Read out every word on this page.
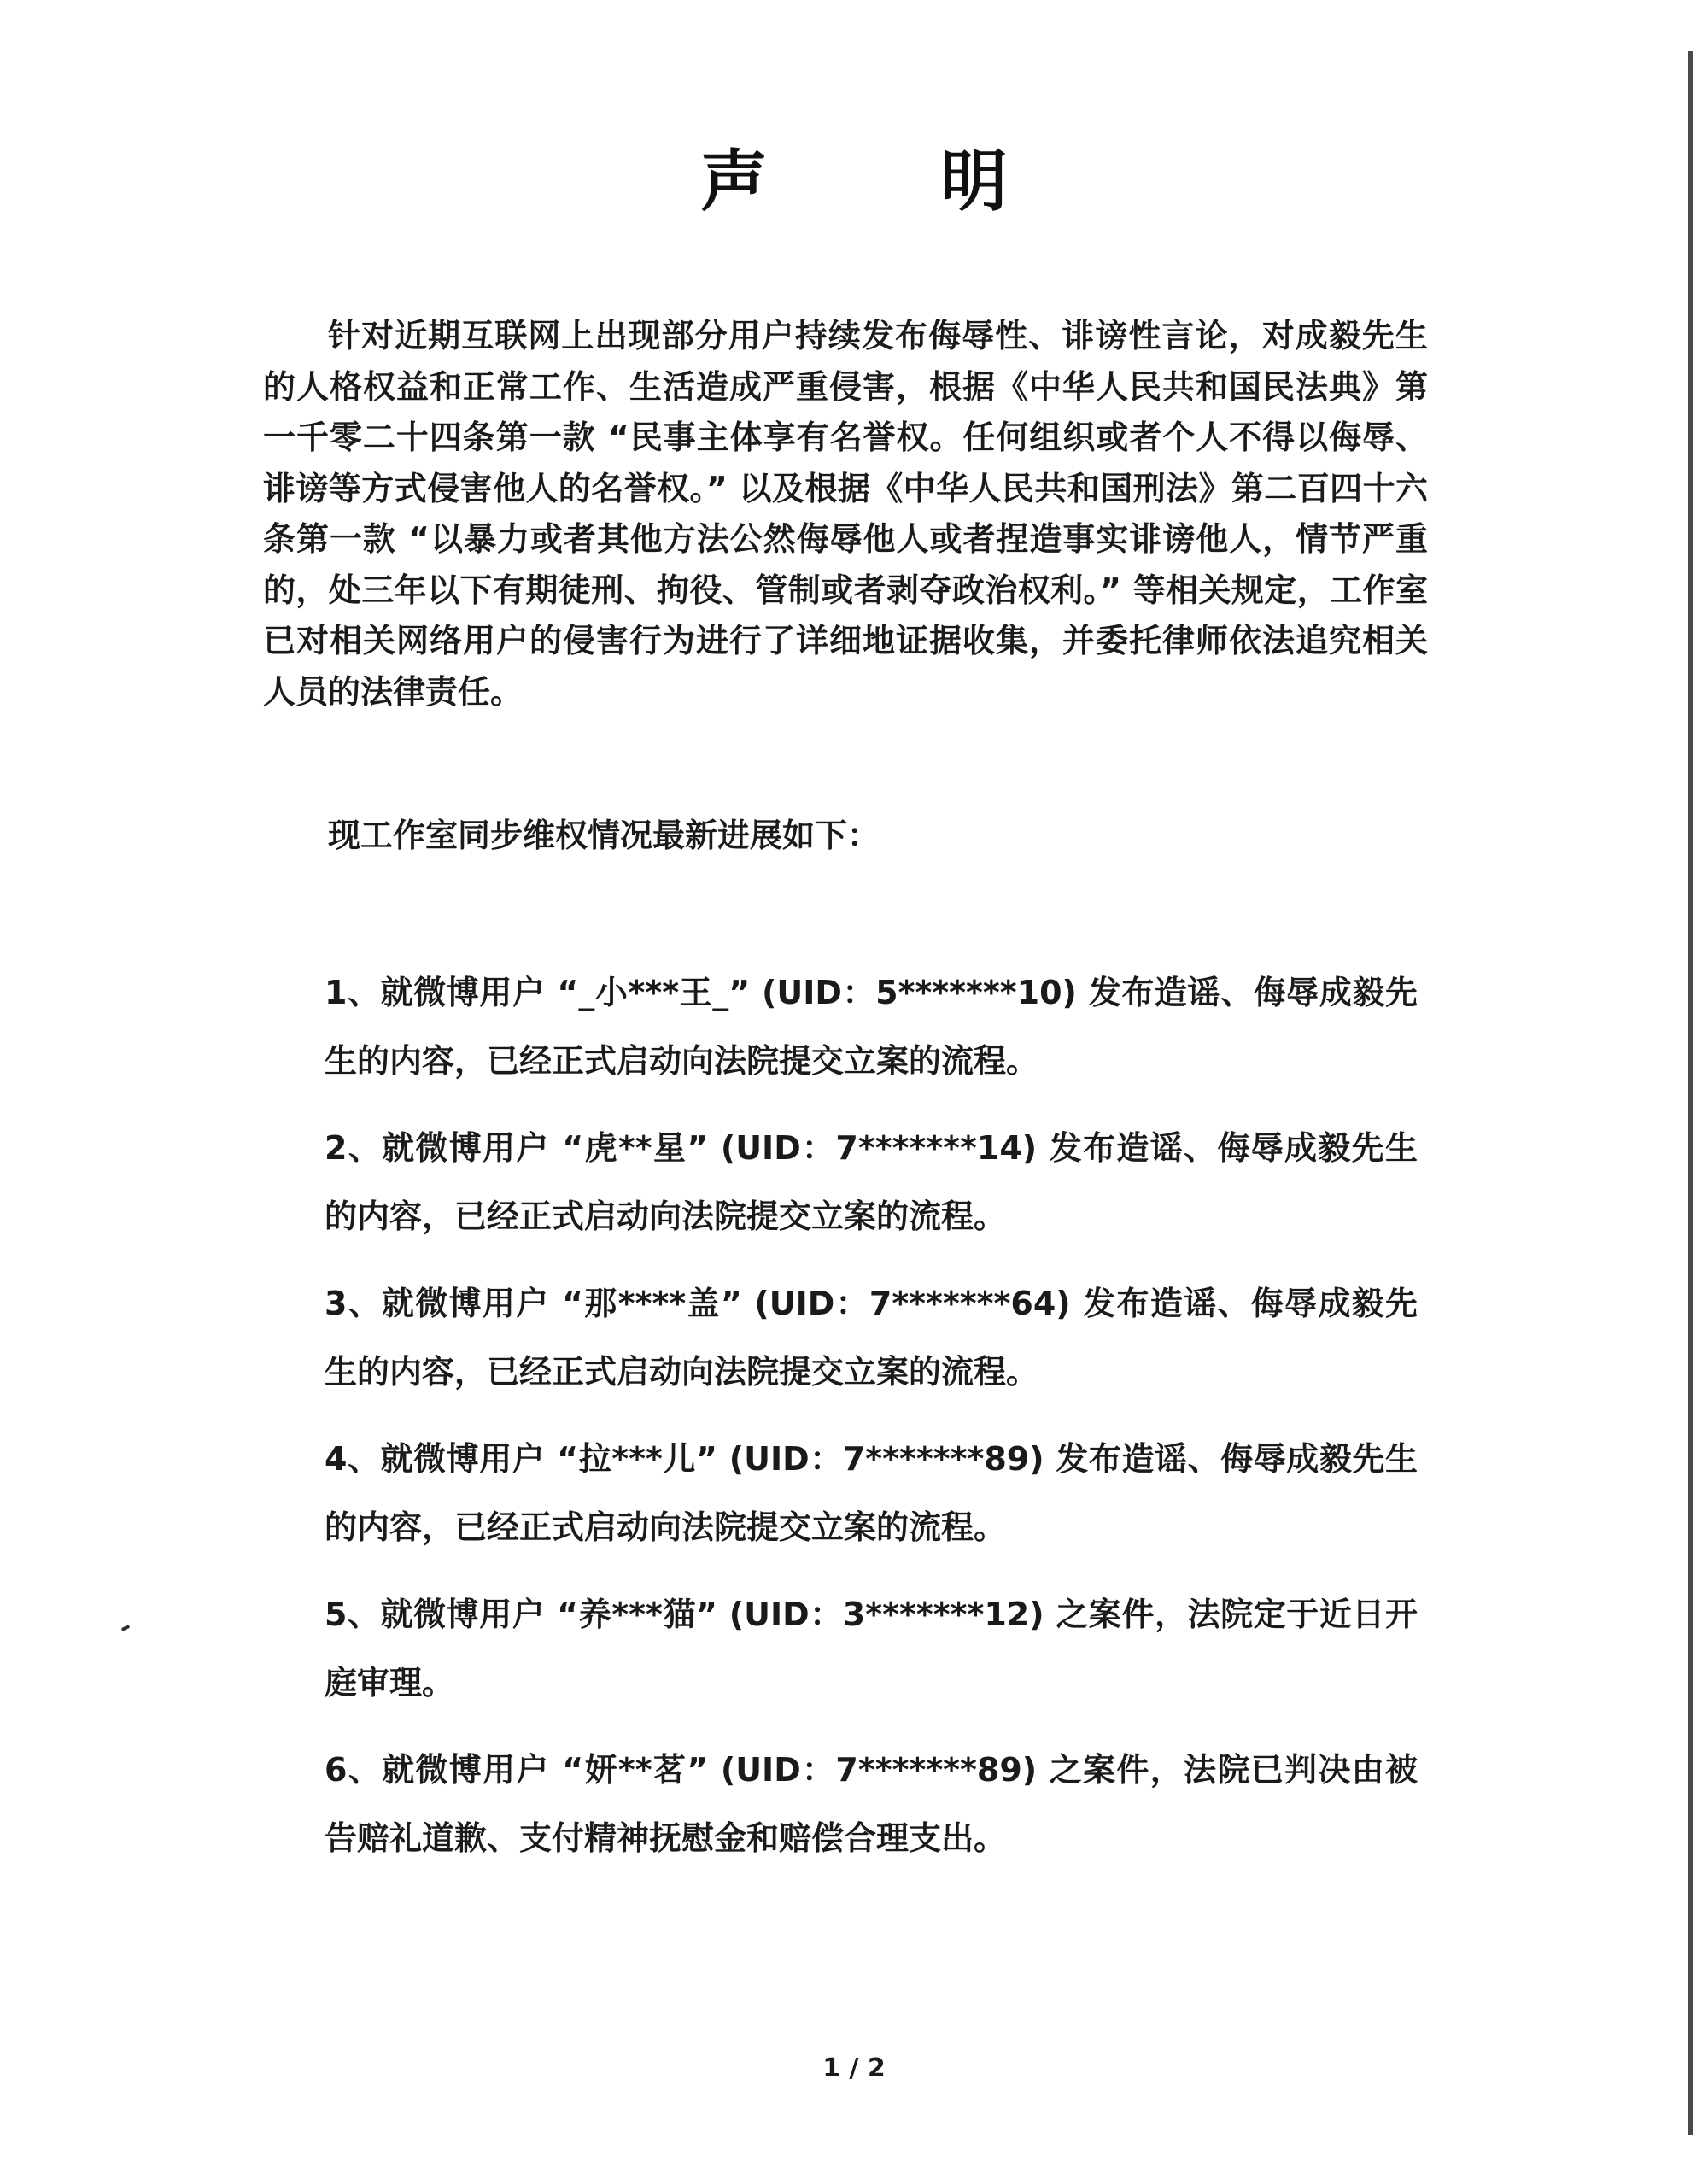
声 明
针对近期互联网上出现部分用户持续发布侮辱性、诽谤性言论，对成毅先生的人格权益和正常工作、生活造成严重侵害，根据《中华人民共和国民法典》第一千零二十四条第一款 “民事主体享有名誉权。任何组织或者个人不得以侮辱、诽谤等方式侵害他人的名誉权。” 以及根据《中华人民共和国刑法》第二百四十六条第一款 “以暴力或者其他方法公然侮辱他人或者捏造事实诽谤他人，情节严重的，处三年以下有期徒刑、拘役、管制或者剥夺政治权利。” 等相关规定，工作室已对相关网络用户的侵害行为进行了详细地证据收集，并委托律师依法追究相关人员的法律责任。
现工作室同步维权情况最新进展如下：
1、就微博用户 “_小***王_” (UID：5*******10) 发布造谣、侮辱成毅先生的内容，已经正式启动向法院提交立案的流程。
2、就微博用户 “虎**星” (UID：7*******14) 发布造谣、侮辱成毅先生的内容，已经正式启动向法院提交立案的流程。
3、就微博用户 “那****盖” (UID：7*******64) 发布造谣、侮辱成毅先生的内容，已经正式启动向法院提交立案的流程。
4、就微博用户 “拉***儿” (UID：7*******89) 发布造谣、侮辱成毅先生的内容，已经正式启动向法院提交立案的流程。
5、就微博用户 “养***猫” (UID：3*******12) 之案件，法院定于近日开庭审理。
6、就微博用户 “妍**茗” (UID：7*******89) 之案件，法院已判决由被告赔礼道歉、支付精神抚慰金和赔偿合理支出。
1 / 2
